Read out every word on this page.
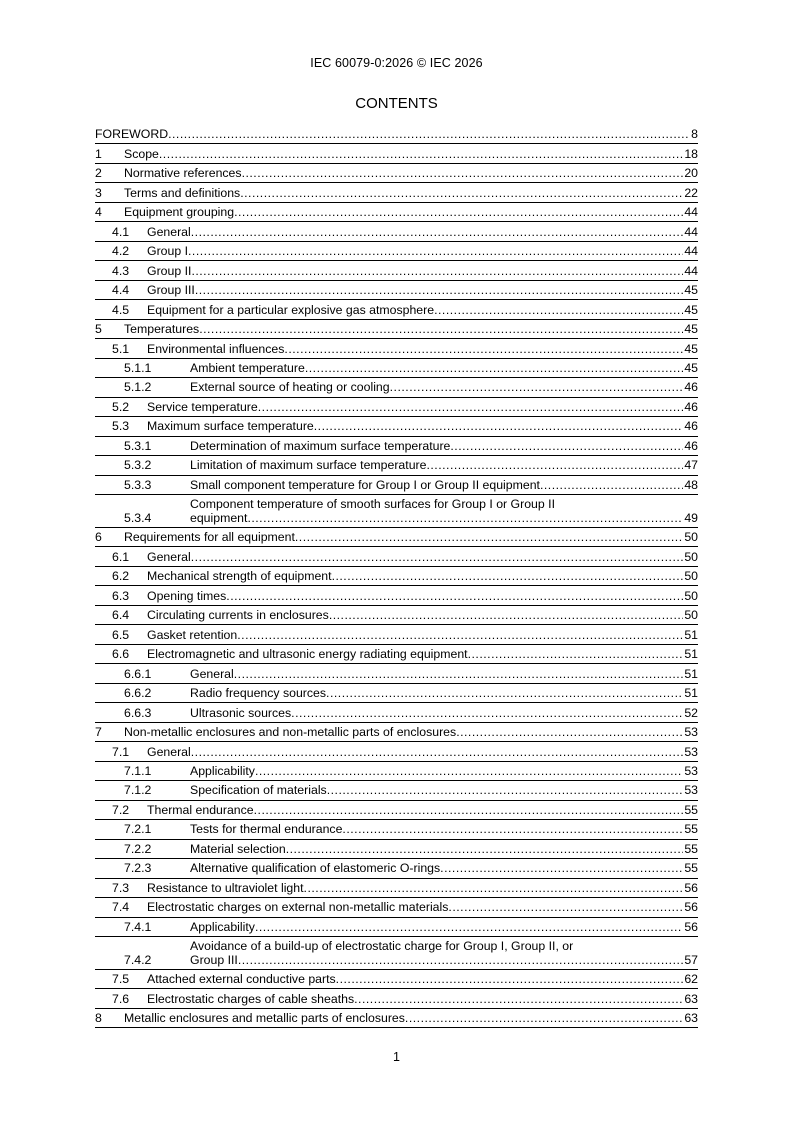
IEC 60079-0:2026 © IEC 2026
CONTENTS
FOREWORD .....	8
1	Scope .....	18
2	Normative references .....	20
3	Terms and definitions .....	22
4	Equipment grouping .....	44
4.1	General .....	44
4.2	Group I .....	44
4.3	Group II .....	44
4.4	Group III .....	45
4.5	Equipment for a particular explosive gas atmosphere .....	45
5	Temperatures .....	45
5.1	Environmental influences .....	45
5.1.1	Ambient temperature .....	45
5.1.2	External source of heating or cooling .....	46
5.2	Service temperature .....	46
5.3	Maximum surface temperature .....	46
5.3.1	Determination of maximum surface temperature .....	46
5.3.2	Limitation of maximum surface temperature .....	47
5.3.3	Small component temperature for Group I or Group II equipment .....	48
5.3.4
Component temperature of smooth surfaces for Group I or Group II
equipment .....	49
6	Requirements for all equipment .....	50
6.1	General .....	50
6.2	Mechanical strength of equipment .....	50
6.3	Opening times .....	50
6.4	Circulating currents in enclosures .....	50
6.5	Gasket retention .....	51
6.6	Electromagnetic and ultrasonic energy radiating equipment .....	51
6.6.1	General .....	51
6.6.2	Radio frequency sources .....	51
6.6.3	Ultrasonic sources .....	52
7	Non-metallic enclosures and non-metallic parts of enclosures .....	53
7.1	General .....	53
7.1.1	Applicability .....	53
7.1.2	Specification of materials .....	53
7.2	Thermal endurance .....	55
7.2.1	Tests for thermal endurance .....	55
7.2.2	Material selection .....	55
7.2.3	Alternative qualification of elastomeric O-rings .....	55
7.3	Resistance to ultraviolet light .....	56
7.4	Electrostatic charges on external non-metallic materials .....	56
7.4.1	Applicability .....	56
7.4.2
Avoidance of a build-up of electrostatic charge for Group I, Group II, or
Group III .....	57
7.5	Attached external conductive parts .....	62
7.6	Electrostatic charges of cable sheaths .....	63
8	Metallic enclosures and metallic parts of enclosures .....	63
1
